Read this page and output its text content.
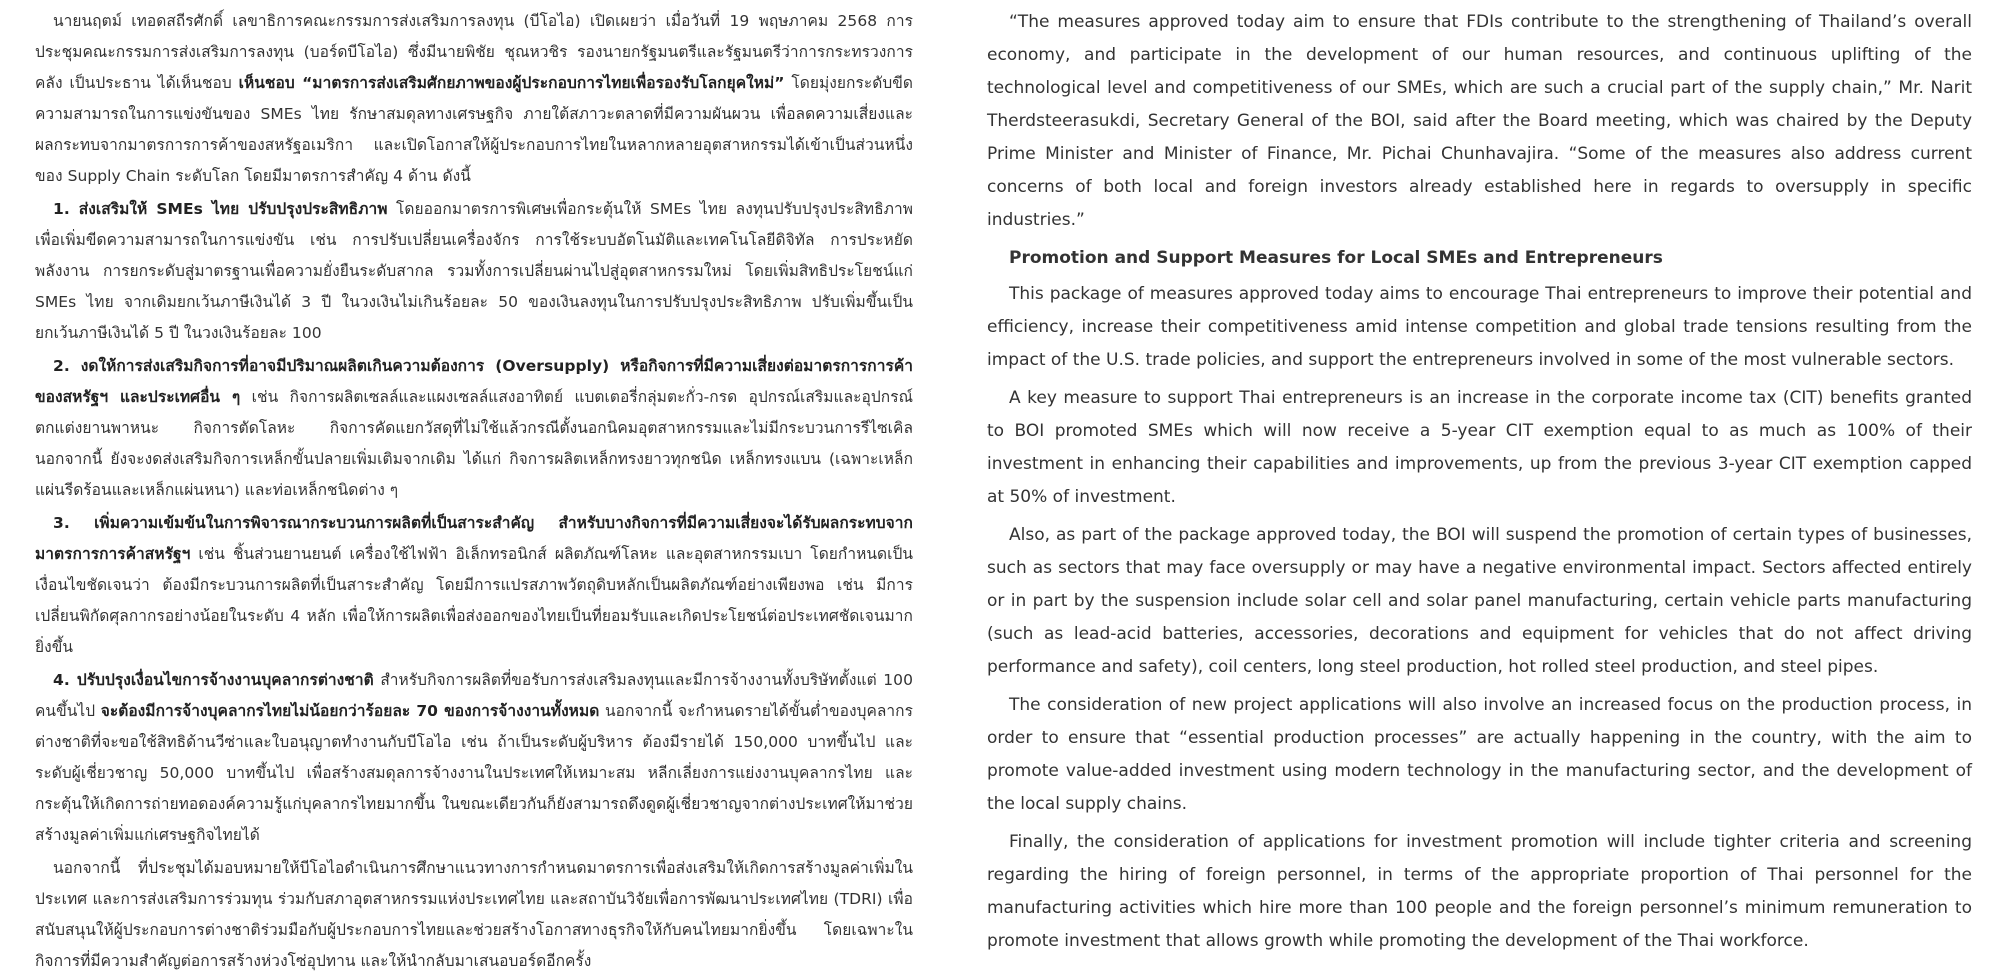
นายนฤตม์ เทอดสถีรศักดิ์ เลขาธิการคณะกรรมการส่งเสริมการลงทุน (บีโอไอ) เปิดเผยว่า เมื่อวันที่ 19 พฤษภาคม 2568 การประชุมคณะกรรมการส่งเสริมการลงทุน (บอร์ดบีโอไอ) ซึ่งมีนายพิชัย ชุณหวชิร รองนายกรัฐมนตรีและรัฐมนตรีว่าการกระทรวงการคลัง เป็นประธาน ได้เห็นชอบ เห็นชอบ “มาตรการส่งเสริมศักยภาพของผู้ประกอบการไทยเพื่อรองรับโลกยุคใหม่” โดยมุ่งยกระดับขีดความสามารถในการแข่งขันของ SMEs ไทย รักษาสมดุลทางเศรษฐกิจ ภายใต้สภาวะตลาดที่มีความผันผวน เพื่อลดความเสี่ยงและผลกระทบจากมาตรการการค้าของสหรัฐอเมริกา และเปิดโอกาสให้ผู้ประกอบการไทยในหลากหลายอุตสาหกรรมได้เข้าเป็นส่วนหนึ่งของ Supply Chain ระดับโลก โดยมีมาตรการสำคัญ 4 ด้าน ดังนี้

1. ส่งเสริมให้ SMEs ไทย ปรับปรุงประสิทธิภาพ โดยออกมาตรการพิเศษเพื่อกระตุ้นให้ SMEs ไทย ลงทุนปรับปรุงประสิทธิภาพ เพื่อเพิ่มขีดความสามารถในการแข่งขัน เช่น การปรับเปลี่ยนเครื่องจักร การใช้ระบบอัตโนมัติและเทคโนโลยีดิจิทัล การประหยัดพลังงาน การยกระดับสู่มาตรฐานเพื่อความยั่งยืนระดับสากล รวมทั้งการเปลี่ยนผ่านไปสู่อุตสาหกรรมใหม่ โดยเพิ่มสิทธิประโยชน์แก่ SMEs ไทย จากเดิมยกเว้นภาษีเงินได้ 3 ปี ในวงเงินไม่เกินร้อยละ 50 ของเงินลงทุนในการปรับปรุงประสิทธิภาพ ปรับเพิ่มขึ้นเป็นยกเว้นภาษีเงินได้ 5 ปี ในวงเงินร้อยละ 100

2. งดให้การส่งเสริมกิจการที่อาจมีปริมาณผลิตเกินความต้องการ (Oversupply) หรือกิจการที่มีความเสี่ยงต่อมาตรการการค้าของสหรัฐฯ และประเทศอื่น ๆ เช่น กิจการผลิตเซลล์และแผงเซลล์แสงอาทิตย์ แบตเตอรี่กลุ่มตะกั่ว-กรด อุปกรณ์เสริมและอุปกรณ์ตกแต่งยานพาหนะ กิจการตัดโลหะ กิจการคัดแยกวัสดุที่ไม่ใช้แล้วกรณีตั้งนอกนิคมอุตสาหกรรมและไม่มีกระบวนการรีไซเคิล นอกจากนี้ ยังจะงดส่งเสริมกิจการเหล็กขั้นปลายเพิ่มเติมจากเดิม ได้แก่ กิจการผลิตเหล็กทรงยาวทุกชนิด เหล็กทรงแบน (เฉพาะเหล็กแผ่นรีดร้อนและเหล็กแผ่นหนา) และท่อเหล็กชนิดต่าง ๆ

3. เพิ่มความเข้มข้นในการพิจารณากระบวนการผลิตที่เป็นสาระสำคัญ สำหรับบางกิจการที่มีความเสี่ยงจะได้รับผลกระทบจากมาตรการการค้าสหรัฐฯ เช่น ชิ้นส่วนยานยนต์ เครื่องใช้ไฟฟ้า อิเล็กทรอนิกส์ ผลิตภัณฑ์โลหะ และอุตสาหกรรมเบา โดยกำหนดเป็นเงื่อนไขชัดเจนว่า ต้องมีกระบวนการผลิตที่เป็นสาระสำคัญ โดยมีการแปรสภาพวัตถุดิบหลักเป็นผลิตภัณฑ์อย่างเพียงพอ เช่น มีการเปลี่ยนพิกัดศุลกากรอย่างน้อยในระดับ 4 หลัก เพื่อให้การผลิตเพื่อส่งออกของไทยเป็นที่ยอมรับและเกิดประโยชน์ต่อประเทศชัดเจนมากยิ่งขึ้น

4. ปรับปรุงเงื่อนไขการจ้างงานบุคลากรต่างชาติ สำหรับกิจการผลิตที่ขอรับการส่งเสริมลงทุนและมีการจ้างงานทั้งบริษัทตั้งแต่ 100 คนขึ้นไป จะต้องมีการจ้างบุคลากรไทยไม่น้อยกว่าร้อยละ 70 ของการจ้างงานทั้งหมด นอกจากนี้ จะกำหนดรายได้ขั้นต่ำของบุคลากรต่างชาติที่จะขอใช้สิทธิด้านวีซ่าและใบอนุญาตทำงานกับบีโอไอ เช่น ถ้าเป็นระดับผู้บริหาร ต้องมีรายได้ 150,000 บาทขึ้นไป และระดับผู้เชี่ยวชาญ 50,000 บาทขึ้นไป เพื่อสร้างสมดุลการจ้างงานในประเทศให้เหมาะสม หลีกเลี่ยงการแย่งงานบุคลากรไทย และกระตุ้นให้เกิดการถ่ายทอดองค์ความรู้แก่บุคลากรไทยมากขึ้น ในขณะเดียวกันก็ยังสามารถดึงดูดผู้เชี่ยวชาญจากต่างประเทศให้มาช่วยสร้างมูลค่าเพิ่มแก่เศรษฐกิจไทยได้

นอกจากนี้ ที่ประชุมได้มอบหมายให้บีโอไอดำเนินการศึกษาแนวทางการกำหนดมาตรการเพื่อส่งเสริมให้เกิดการสร้างมูลค่าเพิ่มในประเทศ และการส่งเสริมการร่วมทุน ร่วมกับสภาอุตสาหกรรมแห่งประเทศไทย และสถาบันวิจัยเพื่อการพัฒนาประเทศไทย (TDRI) เพื่อสนับสนุนให้ผู้ประกอบการต่างชาติร่วมมือกับผู้ประกอบการไทยและช่วยสร้างโอกาสทางธุรกิจให้กับคนไทยมากยิ่งขึ้น โดยเฉพาะในกิจการที่มีความสำคัญต่อการสร้างห่วงโซ่อุปทาน และให้นำกลับมาเสนอบอร์ดอีกครั้ง

“The measures approved today aim to ensure that FDIs contribute to the strengthening of Thailand’s overall economy, and participate in the development of our human resources, and continuous uplifting of the technological level and competitiveness of our SMEs, which are such a crucial part of the supply chain,” Mr. Narit Therdsteerasukdi, Secretary General of the BOI, said after the Board meeting, which was chaired by the Deputy Prime Minister and Minister of Finance, Mr. Pichai Chunhavajira. “Some of the measures also address current concerns of both local and foreign investors already established here in regards to oversupply in specific industries.”

Promotion and Support Measures for Local SMEs and Entrepreneurs

This package of measures approved today aims to encourage Thai entrepreneurs to improve their potential and efficiency, increase their competitiveness amid intense competition and global trade tensions resulting from the impact of the U.S. trade policies, and support the entrepreneurs involved in some of the most vulnerable sectors.

A key measure to support Thai entrepreneurs is an increase in the corporate income tax (CIT) benefits granted to BOI promoted SMEs which will now receive a 5-year CIT exemption equal to as much as 100% of their investment in enhancing their capabilities and improvements, up from the previous 3-year CIT exemption capped at 50% of investment.

Also, as part of the package approved today, the BOI will suspend the promotion of certain types of businesses, such as sectors that may face oversupply or may have a negative environmental impact. Sectors affected entirely or in part by the suspension include solar cell and solar panel manufacturing, certain vehicle parts manufacturing (such as lead-acid batteries, accessories, decorations and equipment for vehicles that do not affect driving performance and safety), coil centers, long steel production, hot rolled steel production, and steel pipes.

The consideration of new project applications will also involve an increased focus on the production process, in order to ensure that “essential production processes” are actually happening in the country, with the aim to promote value-added investment using modern technology in the manufacturing sector, and the development of the local supply chains.

Finally, the consideration of applications for investment promotion will include tighter criteria and screening regarding the hiring of foreign personnel, in terms of the appropriate proportion of Thai personnel for the manufacturing activities which hire more than 100 people and the foreign personnel’s minimum remuneration to promote investment that allows growth while promoting the development of the Thai workforce.
